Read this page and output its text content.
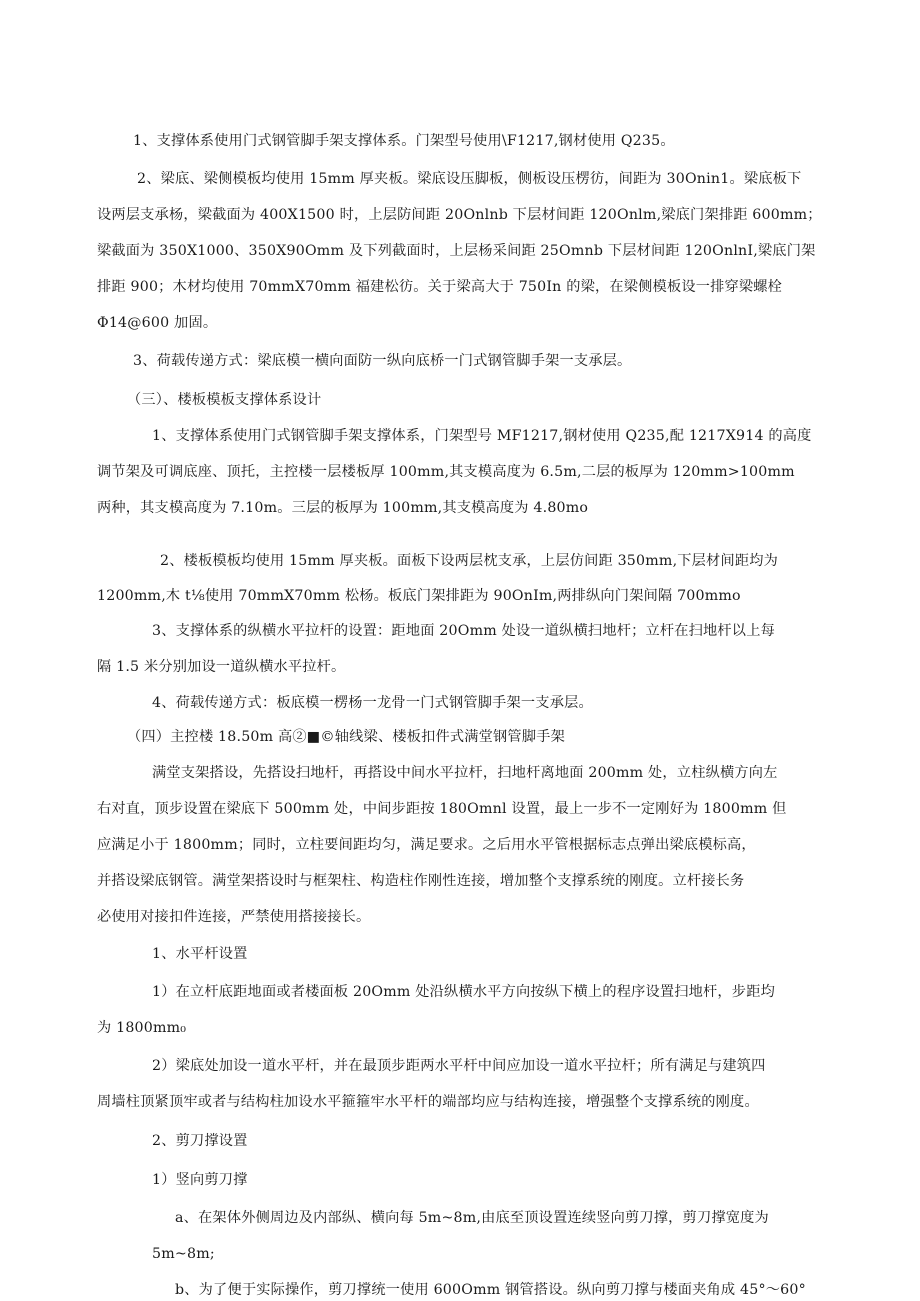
1、支撑体系使用门式钢管脚手架支撑体系。门架型号使用\F1217,钢材使用 Q235。
2、梁底、梁侧模板均使用 15mm 厚夹板。梁底设压脚板，侧板设压楞彷，间距为 30Onin1。梁底板下
设两层支承杨，梁截面为 400X1500 时，上层防间距 20Onlnb 下层材间距 120Onlm,梁底门架排距 600mm；
梁截面为 350X1000、350X90Omm 及下列截面时，上层杨采间距 25Omnb 下层材间距 120OnlnI,梁底门架
排距 900；木材均使用 70mmX70mm 福建松彷。关于梁高大于 750In 的梁，在梁侧模板设一排穿梁螺栓
Φ14@600 加固。
3、荷载传递方式：梁底模一横向面防一纵向底桥一门式钢管脚手架一支承层。
（三）、楼板模板支撑体系设计
1、支撑体系使用门式钢管脚手架支撑体系，门架型号 MF1217,钢材使用 Q235,配 1217X914 的高度
调节架及可调底座、顶托，主控楼一层楼板厚 100mm,其支模高度为 6.5m,二层的板厚为 120mm>100mm
两种，其支模高度为 7.10m。三层的板厚为 100mm,其支模高度为 4.80mo
2、楼板模板均使用 15mm 厚夹板。面板下设两层枕支承，上层仿间距 350mm,下层材间距均为
1200mm,木 t⅛使用 70mmX70mm 松杨。板底门架排距为 90OnIm,两排纵向门架间隔 700mmo
3、支撑体系的纵横水平拉杆的设置：距地面 20Omm 处设一道纵横扫地杆；立杆在扫地杆以上每
隔 1.5 米分别加设一道纵横水平拉杆。
4、荷载传递方式：板底模一楞杨一龙骨一门式钢管脚手架一支承层。
（四）主控楼 18.50m 高②■©轴线梁、楼板扣件式满堂钢管脚手架
满堂支架搭设，先搭设扫地杆，再搭设中间水平拉杆，扫地杆离地面 200mm 处，立柱纵横方向左
右对直，顶步设置在梁底下 500mm 处，中间步距按 180Omnl 设置，最上一步不一定刚好为 1800mm 但
应满足小于 1800mm；同时，立柱要间距均匀，满足要求。之后用水平管根据标志点弹出梁底模标高，
并搭设梁底钢管。满堂架搭设时与框架柱、构造柱作刚性连接，增加整个支撑系统的刚度。立杆接长务
必使用对接扣件连接，严禁使用搭接接长。
1、水平杆设置
1）在立杆底距地面或者楼面板 20Omm 处沿纵横水平方向按纵下横上的程序设置扫地杆，步距均
为 1800mm₀
2）梁底处加设一道水平杆，并在最顶步距两水平杆中间应加设一道水平拉杆；所有满足与建筑四
周墙柱顶紧顶牢或者与结构柱加设水平箍箍牢水平杆的端部均应与结构连接，增强整个支撑系统的刚度。
2、剪刀撑设置
1）竖向剪刀撑
a、在架体外侧周边及内部纵、横向每 5m~8m,由底至顶设置连续竖向剪刀撑，剪刀撑宽度为
5m~8m;
b、为了便于实际操作，剪刀撑统一使用 600Omm 钢管搭设。纵向剪刀撑与楼面夹角成 45°～60°
